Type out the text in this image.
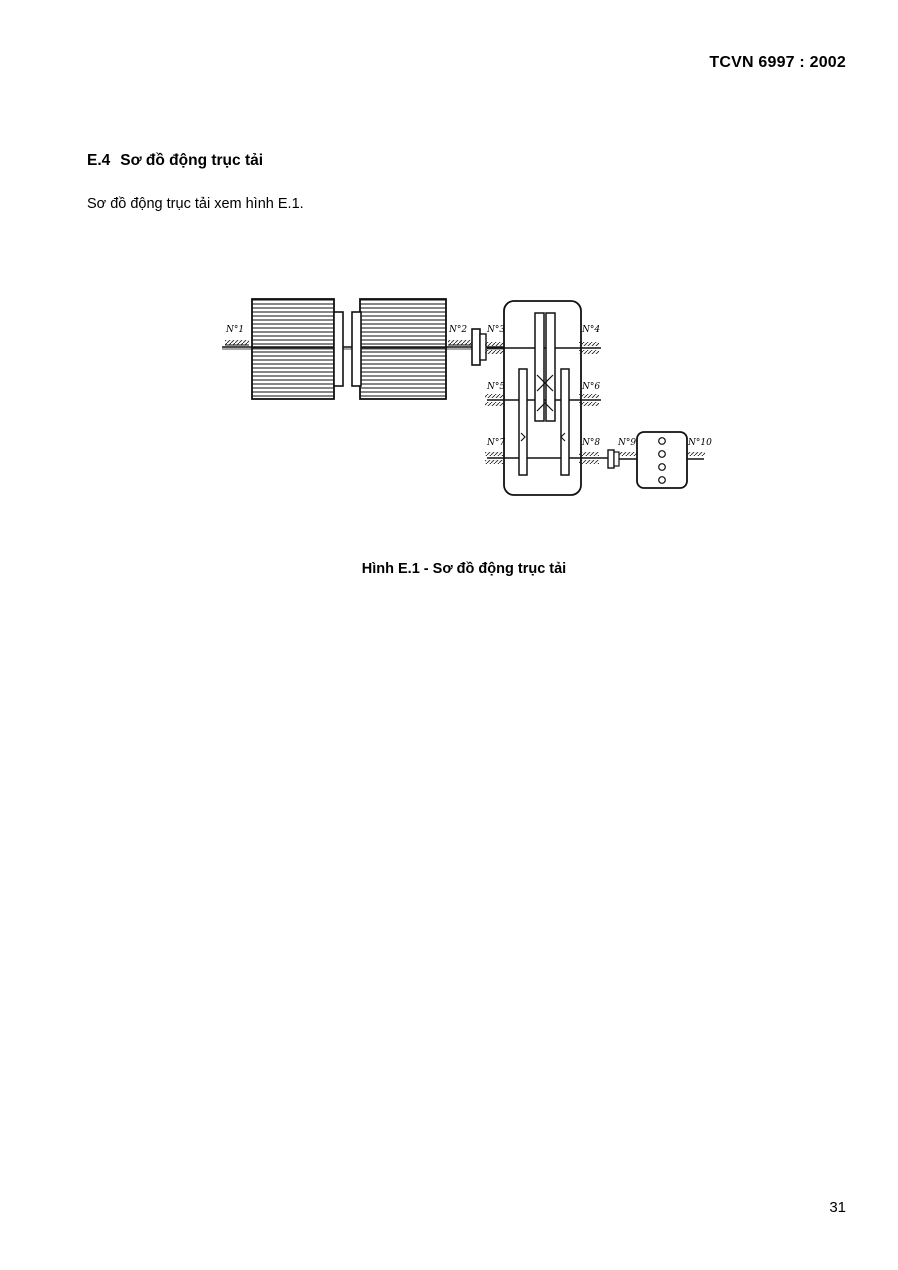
TCVN 6997 : 2002
E.4 Sơ đồ động trục tải
Sơ đồ động trục tải xem hình E.1.
N°1	N°2 N°3	N°4
N°5	N°6
N°7	N°8 N°9	N°10
Hình E.1 - Sơ đồ động trục tải
31
